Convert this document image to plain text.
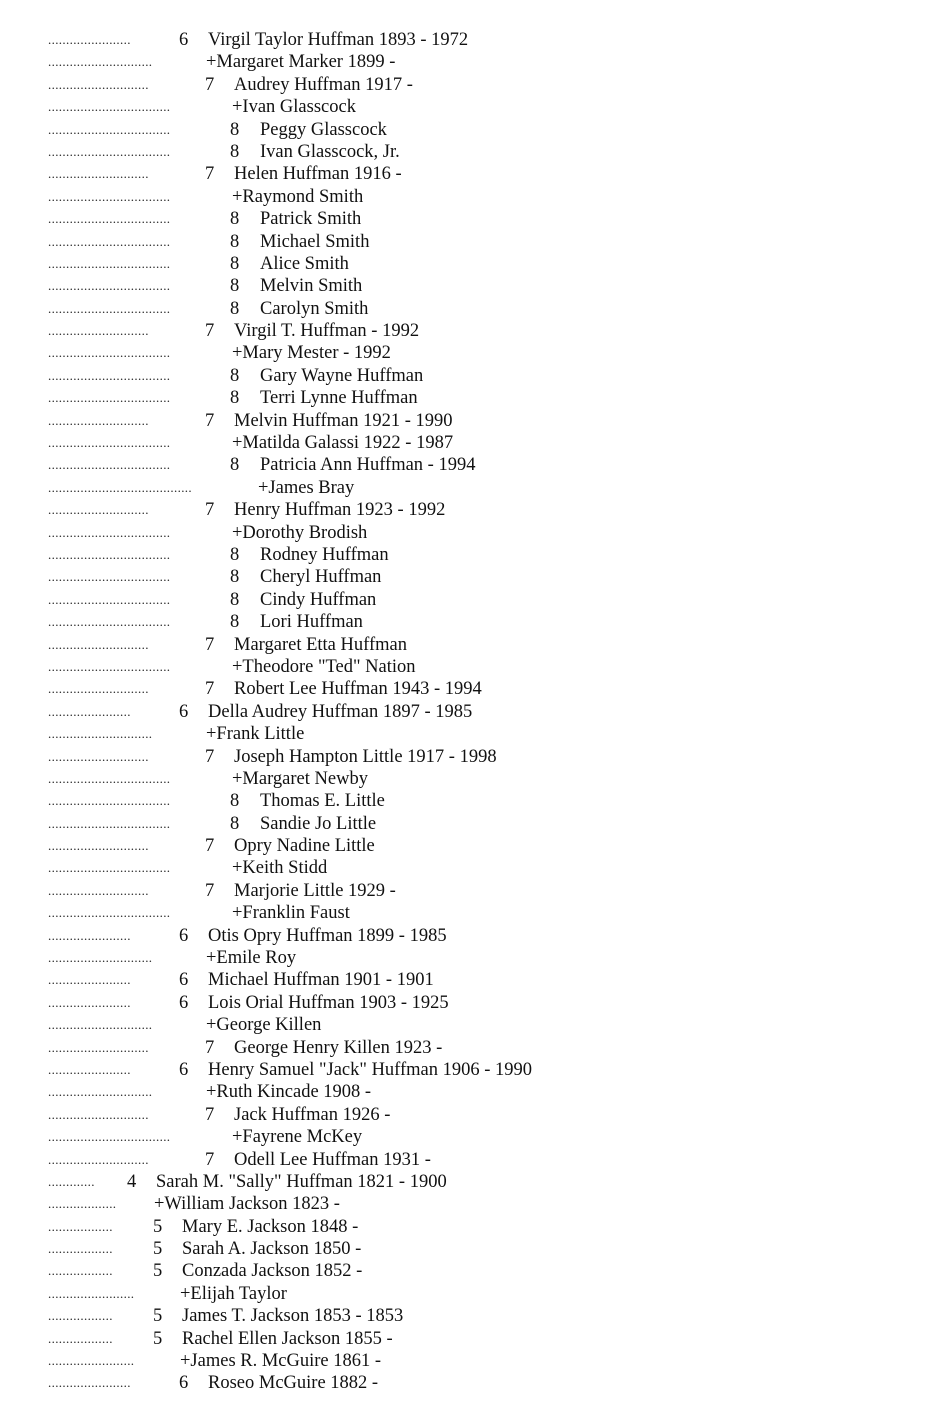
.......................	6 Virgil Taylor Huffman 1893 - 1972
.............................	+Margaret Marker 1899 -
............................	7 Audrey Huffman 1917 -
..................................	+Ivan Glasscock
..................................	8 Peggy Glasscock
..................................	8 Ivan Glasscock, Jr.
............................	7 Helen Huffman 1916 -
..................................	+Raymond Smith
..................................	8 Patrick Smith
..................................	8 Michael Smith
..................................	8 Alice Smith
..................................	8 Melvin Smith
..................................	8 Carolyn Smith
............................	7 Virgil T. Huffman - 1992
..................................	+Mary Mester - 1992
..................................	8 Gary Wayne Huffman
..................................	8 Terri Lynne Huffman
............................	7 Melvin Huffman 1921 - 1990
..................................	+Matilda Galassi 1922 - 1987
..................................	8 Patricia Ann Huffman - 1994
........................................	+James Bray
............................	7 Henry Huffman 1923 - 1992
..................................	+Dorothy Brodish
..................................	8 Rodney Huffman
..................................	8 Cheryl Huffman
..................................	8 Cindy Huffman
..................................	8 Lori Huffman
............................	7 Margaret Etta Huffman
..................................	+Theodore "Ted" Nation
............................	7 Robert Lee Huffman 1943 - 1994
.......................	6 Della Audrey Huffman 1897 - 1985
.............................	+Frank Little
............................	7 Joseph Hampton Little 1917 - 1998
..................................	+Margaret Newby
..................................	8 Thomas E. Little
..................................	8 Sandie Jo Little
............................	7 Opry Nadine Little
..................................	+Keith Stidd
............................	7 Marjorie Little 1929 -
..................................	+Franklin Faust
.......................	6 Otis Opry Huffman 1899 - 1985
.............................	+Emile Roy
.......................	6 Michael Huffman 1901 - 1901
.......................	6 Lois Orial Huffman 1903 - 1925
.............................	+George Killen
............................	7 George Henry Killen 1923 -
.......................	6 Henry Samuel "Jack" Huffman 1906 - 1990
.............................	+Ruth Kincade 1908 -
............................	7 Jack Huffman 1926 -
..................................	+Fayrene McKey
............................	7 Odell Lee Huffman 1931 -
............. 4 Sarah M. "Sally" Huffman 1821 - 1900
................... +William Jackson 1823 -
.................. 5 Mary E. Jackson 1848 -
.................. 5 Sarah A. Jackson 1850 -
.................. 5 Conzada Jackson 1852 -
........................ +Elijah Taylor
.................. 5 James T. Jackson 1853 - 1853
.................. 5 Rachel Ellen Jackson 1855 -
........................ +James R. McGuire 1861 -
.......................	6 Roseo McGuire 1882 -
